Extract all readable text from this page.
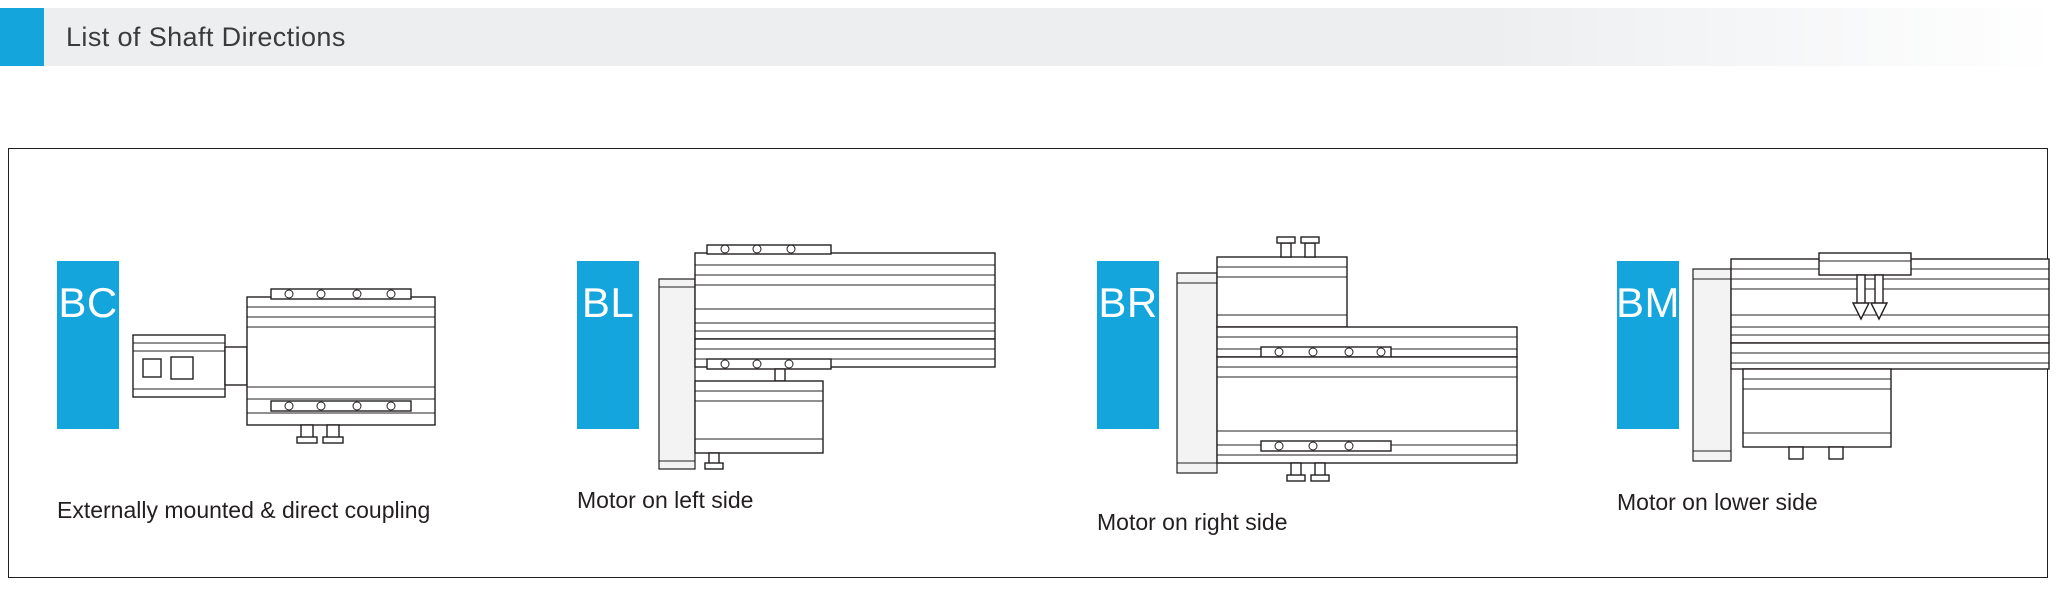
List of Shaft Directions
BC
Externally mounted & direct coupling
BL
Motor on left side
BR
Motor on right side
BM
Motor on lower side
